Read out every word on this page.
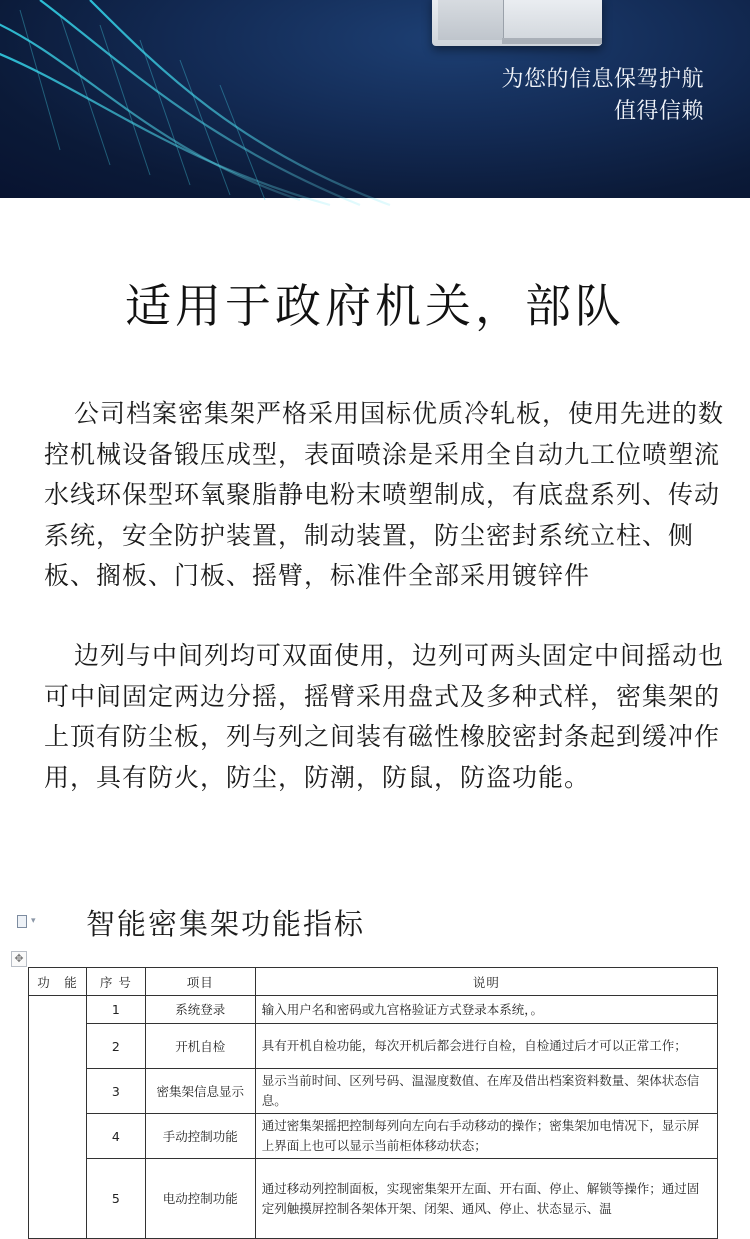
为您的信息保驾护航
值得信赖
适用于政府机关，部队

公司档案密集架严格采用国标优质冷轧板，使用先进的数控机械设备锻压成型，表面喷涂是采用全自动九工位喷塑流水线环保型环氧聚脂静电粉末喷塑制成，有底盘系列、传动系统，安全防护装置，制动装置，防尘密封系统立柱、侧板、搁板、门板、摇臂，标准件全部采用镀锌件

边列与中间列均可双面使用，边列可两头固定中间摇动也可中间固定两边分摇，摇臂采用盘式及多种式样，密集架的上顶有防尘板，列与列之间装有磁性橡胶密封条起到缓冲作用，具有防火，防尘，防潮，防鼠，防盗功能。

▾
✥
智能密集架功能指标
功　能	序 号	项目	说明
	1	系统登录	输入用户名和密码或九宫格验证方式登录本系统，。
	2	开机自检	具有开机自检功能，每次开机后都会进行自检，自检通过后才可以正常工作；
	3	密集架信息显示	显示当前时间、区列号码、温湿度数值、在库及借出档案资料数量、架体状态信息。
	4	手动控制功能	通过密集架摇把控制每列向左向右手动移动的操作；密集架加电情况下，显示屏上界面上也可以显示当前柜体移动状态；
	5	电动控制功能	通过移动列控制面板，实现密集架开左面、开右面、停止、解锁等操作；通过固定列触摸屏控制各架体开架、闭架、通风、停止、状态显示、温
